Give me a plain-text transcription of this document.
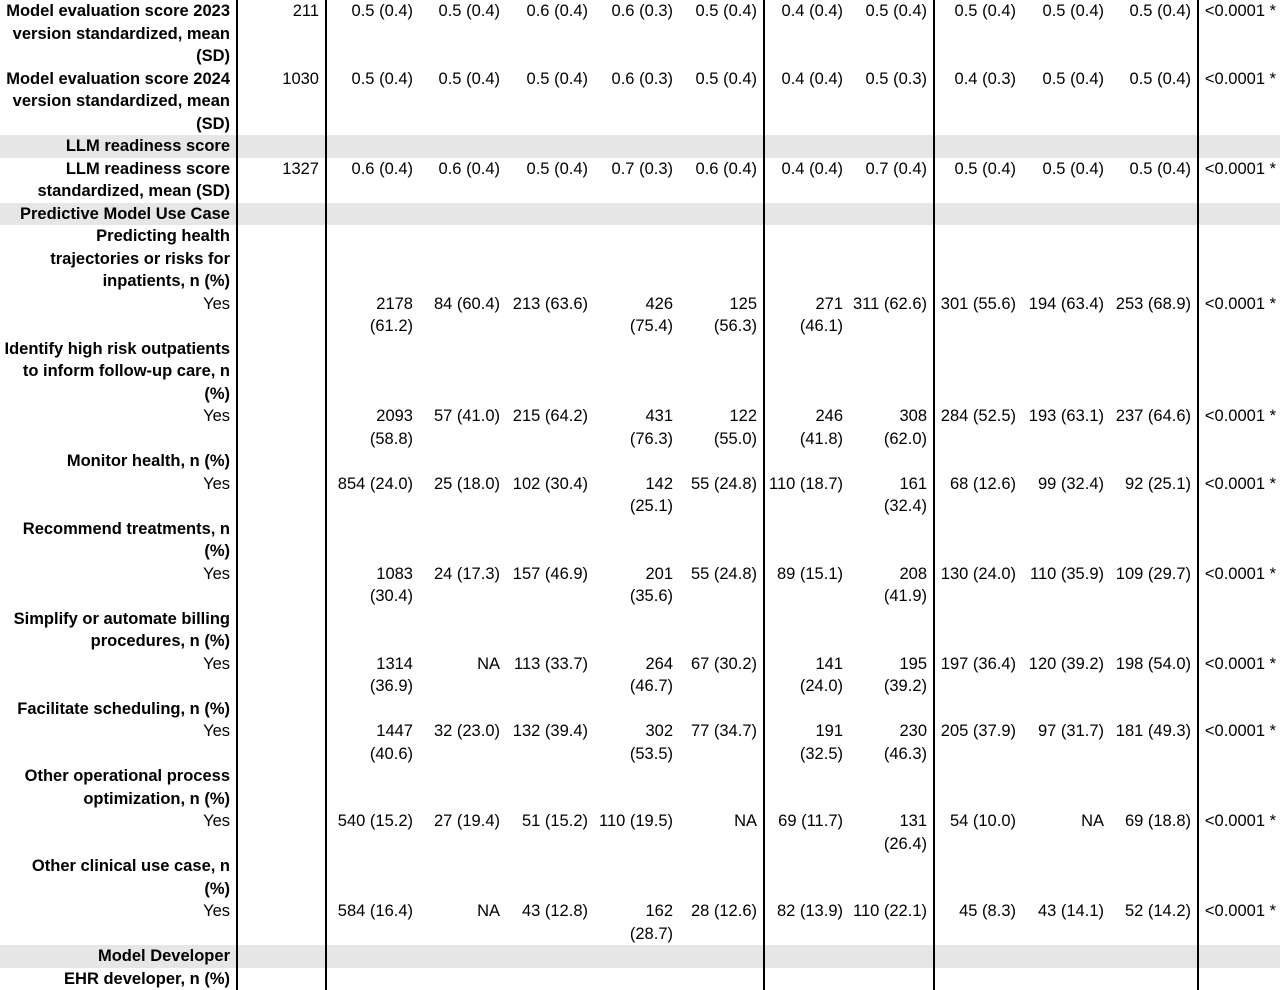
Model evaluation score 2023 version standardized, mean (SD)	211	0.5 (0.4)	0.5 (0.4)	0.6 (0.4)	0.6 (0.3)	0.5 (0.4)	0.4 (0.4)	0.5 (0.4)	0.5 (0.4)	0.5 (0.4)	0.5 (0.4)	<0.0001 *
Model evaluation score 2024 version standardized, mean (SD)	1030	0.5 (0.4)	0.5 (0.4)	0.5 (0.4)	0.6 (0.3)	0.5 (0.4)	0.4 (0.4)	0.5 (0.3)	0.4 (0.3)	0.5 (0.4)	0.5 (0.4)	<0.0001 *
LLM readiness score												
LLM readiness score standardized, mean (SD)	1327	0.6 (0.4)	0.6 (0.4)	0.5 (0.4)	0.7 (0.3)	0.6 (0.4)	0.4 (0.4)	0.7 (0.4)	0.5 (0.4)	0.5 (0.4)	0.5 (0.4)	<0.0001 *
Predictive Model Use Case												
Predicting health trajectories or risks for inpatients, n (%)												
Yes		2178 (61.2)	84 (60.4)	213 (63.6)	426 (75.4)	125 (56.3)	271 (46.1)	311 (62.6)	301 (55.6)	194 (63.4)	253 (68.9)	<0.0001 *
Identify high risk outpatients to inform follow-up care, n (%)												
Yes		2093 (58.8)	57 (41.0)	215 (64.2)	431 (76.3)	122 (55.0)	246 (41.8)	308 (62.0)	284 (52.5)	193 (63.1)	237 (64.6)	<0.0001 *
Monitor health, n (%)												
Yes		854 (24.0)	25 (18.0)	102 (30.4)	142 (25.1)	55 (24.8)	110 (18.7)	161 (32.4)	68 (12.6)	99 (32.4)	92 (25.1)	<0.0001 *
Recommend treatments, n (%)												
Yes		1083 (30.4)	24 (17.3)	157 (46.9)	201 (35.6)	55 (24.8)	89 (15.1)	208 (41.9)	130 (24.0)	110 (35.9)	109 (29.7)	<0.0001 *
Simplify or automate billing procedures, n (%)												
Yes		1314 (36.9)	NA	113 (33.7)	264 (46.7)	67 (30.2)	141 (24.0)	195 (39.2)	197 (36.4)	120 (39.2)	198 (54.0)	<0.0001 *
Facilitate scheduling, n (%)												
Yes		1447 (40.6)	32 (23.0)	132 (39.4)	302 (53.5)	77 (34.7)	191 (32.5)	230 (46.3)	205 (37.9)	97 (31.7)	181 (49.3)	<0.0001 *
Other operational process optimization, n (%)												
Yes		540 (15.2)	27 (19.4)	51 (15.2)	110 (19.5)	NA	69 (11.7)	131 (26.4)	54 (10.0)	NA	69 (18.8)	<0.0001 *
Other clinical use case, n (%)												
Yes		584 (16.4)	NA	43 (12.8)	162 (28.7)	28 (12.6)	82 (13.9)	110 (22.1)	45 (8.3)	43 (14.1)	52 (14.2)	<0.0001 *
Model Developer												
EHR developer, n (%)												
